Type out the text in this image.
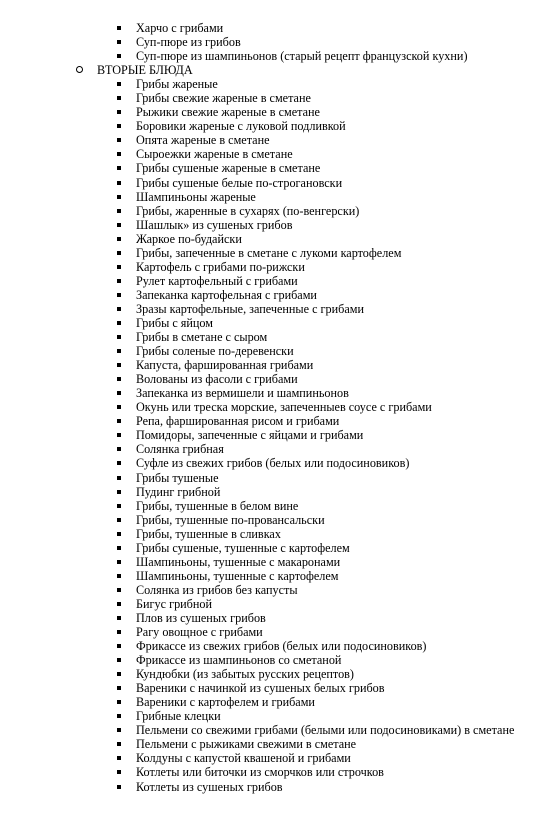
Харчо с грибами
Суп-пюре из грибов
Суп-пюре из шампиньонов (старый рецепт французской кухни)
ВТОРЫЕ БЛЮДА
Грибы жареные
Грибы свежие жареные в сметане
Рыжики свежие жареные в сметане
Боровики жареные с луковой подливкой
Опята жареные в сметане
Сыроежки жареные в сметане
Грибы сушеные жареные в сметане
Грибы сушеные белые по-строгановски
Шампиньоны жареные
Грибы, жаренные в сухарях (по-венгерски)
Шашлык» из сушеных грибов
Жаркое по-будайски
Грибы, запеченные в сметане с лукоми картофелем
Картофель с грибами по-рижски
Рулет картофельный с грибами
Запеканка картофельная с грибами
Зразы картофельные, запеченные с грибами
Грибы с яйцом
Грибы в сметане с сыром
Грибы соленые по-деревенски
Капуста, фаршированная грибами
Волованы из фасоли с грибами
Запеканка из вермишели и шампиньонов
Окунь или треска морские, запеченныев соусе с грибами
Репа, фаршированная рисом и грибами
Помидоры, запеченные с яйцами и грибами
Солянка грибная
Суфле из свежих грибов (белых или подосиновиков)
Грибы тушеные
Пудинг грибной
Грибы, тушенные в белом вине
Грибы, тушенные по-провансальски
Грибы, тушенные в сливках
Грибы сушеные, тушенные с картофелем
Шампиньоны, тушенные с макаронами
Шампиньоны, тушенные с картофелем
Солянка из грибов без капусты
Бигус грибной
Плов из сушеных грибов
Рагу овощное с грибами
Фрикассе из свежих грибов (белых или подосиновиков)
Фрикассе из шампиньонов со сметаной
Кундюбки (из забытых русских рецептов)
Вареники с начинкой из сушеных белых грибов
Вареники с картофелем и грибами
Грибные клецки
Пельмени со свежими грибами (белыми или подосиновиками) в сметане
Пельмени с рыжиками свежими в сметане
Колдуны с капустой квашеной и грибами
Котлеты или биточки из сморчков или строчков
Котлеты из сушеных грибов
